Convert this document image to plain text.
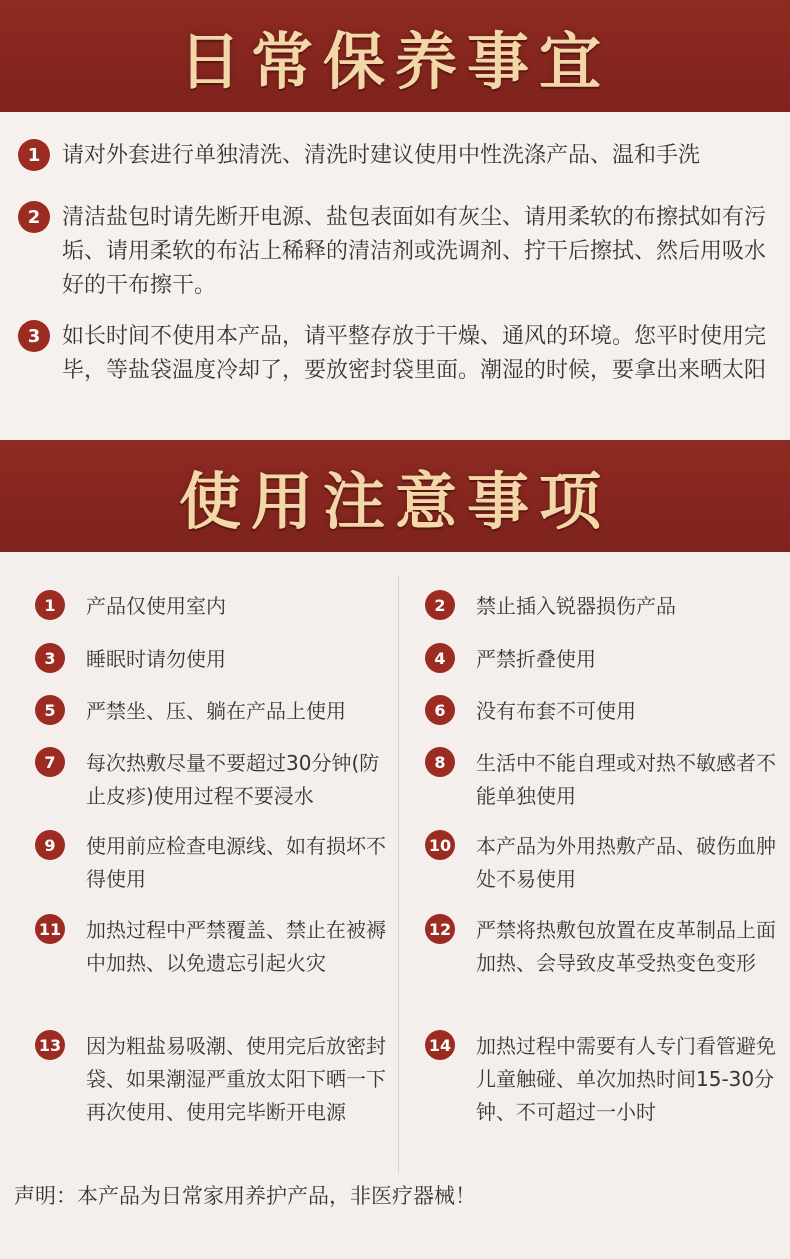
日常保养事宜
1 请对外套进行单独清洗、清洗时建议使用中性洗涤产品、温和手洗
2 清洁盐包时请先断开电源、盐包表面如有灰尘、请用柔软的布擦拭如有污垢、请用柔软的布沾上稀释的清洁剂或洗调剂、拧干后擦拭、然后用吸水好的干布擦干。
3 如长时间不使用本产品，请平整存放于干燥、通风的环境。您平时使用完毕，等盐袋温度冷却了，要放密封袋里面。潮湿的时候，要拿出来晒太阳
使用注意事项
1	产品仅使用室内	2	禁止插入锐器损伤产品
3	睡眠时请勿使用	4	严禁折叠使用
5	严禁坐、压、躺在产品上使用	6	没有布套不可使用
7	每次热敷尽量不要超过30分钟(防止皮疹)使用过程不要浸水
8	生活中不能自理或对热不敏感者不能单独使用
9	使用前应检查电源线、如有损坏不得使用
10 本产品为外用热敷产品、破伤血肿处不易使用
11 加热过程中严禁覆盖、禁止在被褥中加热、以免遗忘引起火灾
12 严禁将热敷包放置在皮革制品上面加热、会导致皮革受热变色变形
13 因为粗盐易吸潮、使用完后放密封袋、如果潮湿严重放太阳下晒一下再次使用、使用完毕断开电源
14 加热过程中需要有人专门看管避免儿童触碰、单次加热时间15-30分钟、不可超过一小时
声明：本产品为日常家用养护产品，非医疗器械！
